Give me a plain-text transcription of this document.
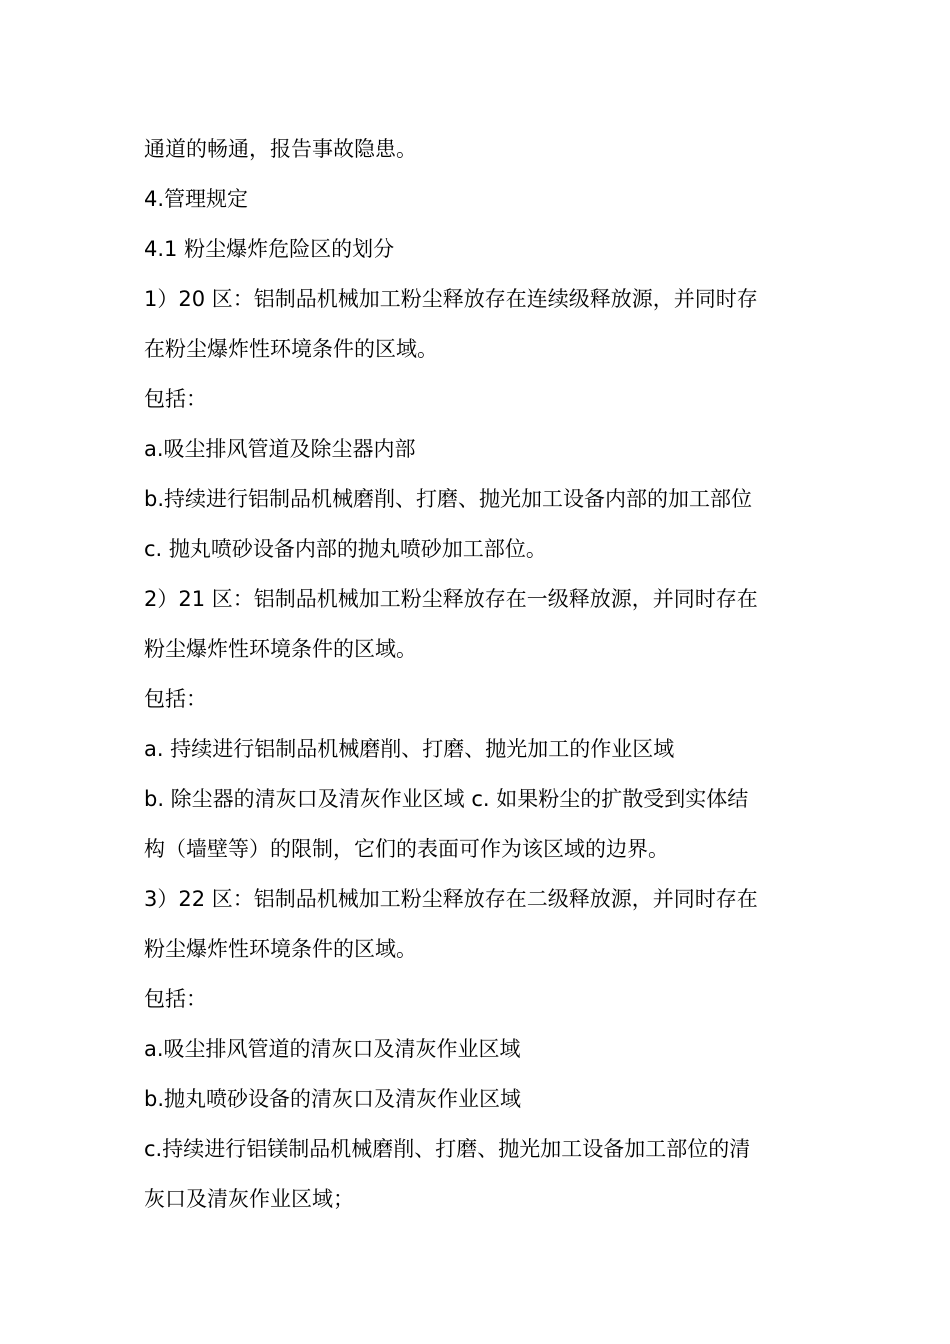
通道的畅通，报告事故隐患。
4.管理规定
4.1 粉尘爆炸危险区的划分
1）20 区：铝制品机械加工粉尘释放存在连续级释放源，并同时存
在粉尘爆炸性环境条件的区域。
包括：
a.吸尘排风管道及除尘器内部
b.持续进行铝制品机械磨削、打磨、抛光加工设备内部的加工部位
c. 抛丸喷砂设备内部的抛丸喷砂加工部位。
2）21 区：铝制品机械加工粉尘释放存在一级释放源，并同时存在
粉尘爆炸性环境条件的区域。
包括：
a. 持续进行铝制品机械磨削、打磨、抛光加工的作业区域
b. 除尘器的清灰口及清灰作业区域 c. 如果粉尘的扩散受到实体结
构（墙壁等）的限制，它们的表面可作为该区域的边界。
3）22 区：铝制品机械加工粉尘释放存在二级释放源，并同时存在
粉尘爆炸性环境条件的区域。
包括：
a.吸尘排风管道的清灰口及清灰作业区域
b.抛丸喷砂设备的清灰口及清灰作业区域
c.持续进行铝镁制品机械磨削、打磨、抛光加工设备加工部位的清
灰口及清灰作业区域；
